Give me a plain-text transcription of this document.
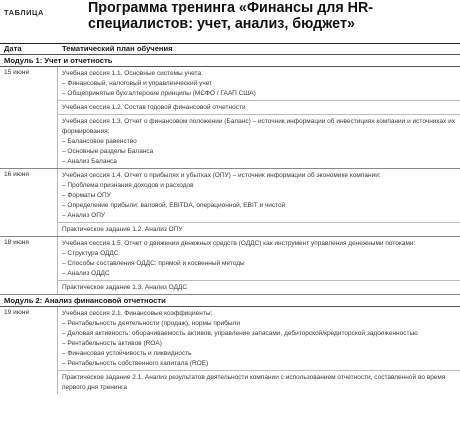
ТАБЛИЦА	Программа тренинга «Финансы для HR-специалистов: учет, анализ, бюджет»
Дата	Тематический план обучения
Модуль 1: Учет и отчетность
15 июня	Учебная сессия 1.1. Основные системы учета:
– Финансовый, налоговый и управленческий учет
– Общепринятые бухгалтерские принципы (МСФО / ГААП США)
Учебная сессия 1.2. Состав годовой финансовой отчетности
Учебная сессия 1.3. Отчет о финансовом положении (Баланс) – источник информации об инвестициях компании и источниках их формирования:
– Балансовое равенство
– Основные разделы Баланса
– Анализ Баланса
16 июня	Учебная сессия 1.4. Отчет о прибылях и убытках (ОПУ) – источник информации об экономике компании:
– Проблема признания доходов и расходов
– Форматы ОПУ
– Определение прибыли: валовой, EBITDA, операционной, EBIT и чистой
– Анализ ОПУ
Практическое задание 1.2. Анализ ОПУ
18 июня	Учебная сессия 1.5. Отчет о движении денежных средств (ОДДС) как инструмент управления денежными потоками:
– Структура ОДДС
– Способы составления ОДДС: прямой и косвенный методы
– Анализ ОДДС
Практическое задание 1.3. Анализ ОДДС
Модуль 2: Анализ финансовой отчетности
19 июня	Учебная сессия 2.1. Финансовые коэффициенты:
– Рентабельность деятельности (продаж), нормы прибыли
– Деловая активность: оборачиваемость активов, управление запасами, дебиторской/кредиторской задолженностью
– Рентабельность активов (ROA)
– Финансовая устойчивость и ликвидность
– Рентабельность собственного капитала (ROE)
Практическое задание 2.1. Анализ результатов деятельности компании с использованием отчетности, составленной во время первого дня тренинга
